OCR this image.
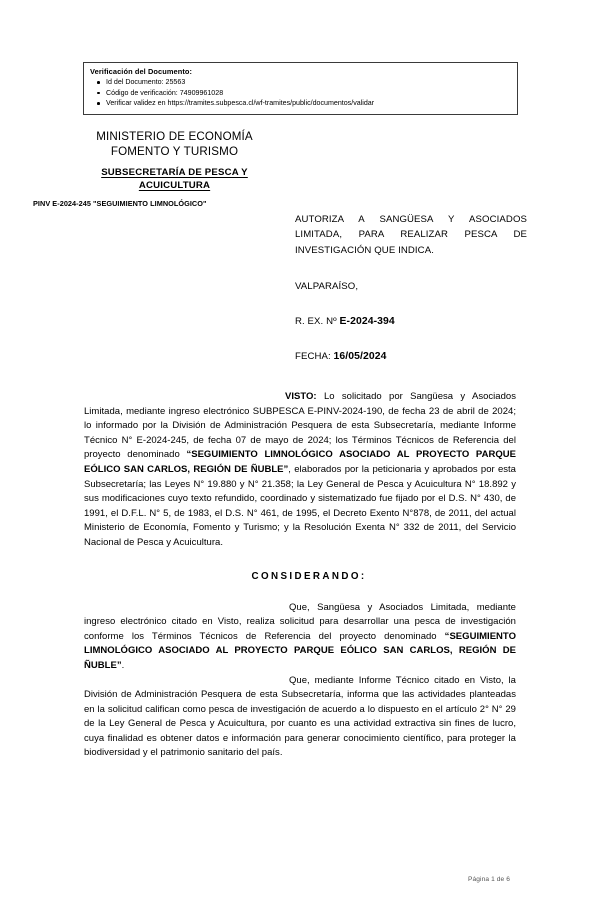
Verificación del Documento:
Id del Documento: 25563
Código de verificación: 74909961028
Verificar validez en https://tramites.subpesca.cl/wf-tramites/public/documentos/validar
MINISTERIO DE ECONOMÍA
FOMENTO Y TURISMO
SUBSECRETARÍA DE PESCA Y
ACUICULTURA
PINV E-2024-245 "SEGUIMIENTO LIMNOLÓGICO"
AUTORIZA A SANGÜESA Y ASOCIADOS LIMITADA, PARA REALIZAR PESCA DE INVESTIGACIÓN QUE INDICA.
VALPARAÍSO,
R. EX. Nº E-2024-394
FECHA: 16/05/2024

VISTO: Lo solicitado por Sangüesa y Asociados Limitada, mediante ingreso electrónico SUBPESCA E-PINV-2024-190, de fecha 23 de abril de 2024; lo informado por la División de Administración Pesquera de esta Subsecretaría, mediante Informe Técnico N° E-2024-245, de fecha 07 de mayo de 2024; los Términos Técnicos de Referencia del proyecto denominado “SEGUIMIENTO LIMNOLÓGICO ASOCIADO AL PROYECTO PARQUE EÓLICO SAN CARLOS, REGIÓN DE ÑUBLE”, elaborados por la peticionaria y aprobados por esta Subsecretaría; las Leyes N° 19.880 y N° 21.358; la Ley General de Pesca y Acuicultura N° 18.892 y sus modificaciones cuyo texto refundido, coordinado y sistematizado fue fijado por el D.S. N° 430, de 1991, el D.F.L. N° 5, de 1983, el D.S. N° 461, de 1995, el Decreto Exento N°878, de 2011, del actual Ministerio de Economía, Fomento y Turismo; y la Resolución Exenta N° 332 de 2011, del Servicio Nacional de Pesca y Acuicultura.

CONSIDERANDO:

Que, Sangüesa y Asociados Limitada, mediante ingreso electrónico citado en Visto, realiza solicitud para desarrollar una pesca de investigación conforme los Términos Técnicos de Referencia del proyecto denominado “SEGUIMIENTO LIMNOLÓGICO ASOCIADO AL PROYECTO PARQUE EÓLICO SAN CARLOS, REGIÓN DE ÑUBLE”.

Que, mediante Informe Técnico citado en Visto, la División de Administración Pesquera de esta Subsecretaría, informa que las actividades planteadas en la solicitud califican como pesca de investigación de acuerdo a lo dispuesto en el artículo 2° N° 29 de la Ley General de Pesca y Acuicultura, por cuanto es una actividad extractiva sin fines de lucro, cuya finalidad es obtener datos e información para generar conocimiento científico, para proteger la biodiversidad y el patrimonio sanitario del país.

Página 1 de 6
